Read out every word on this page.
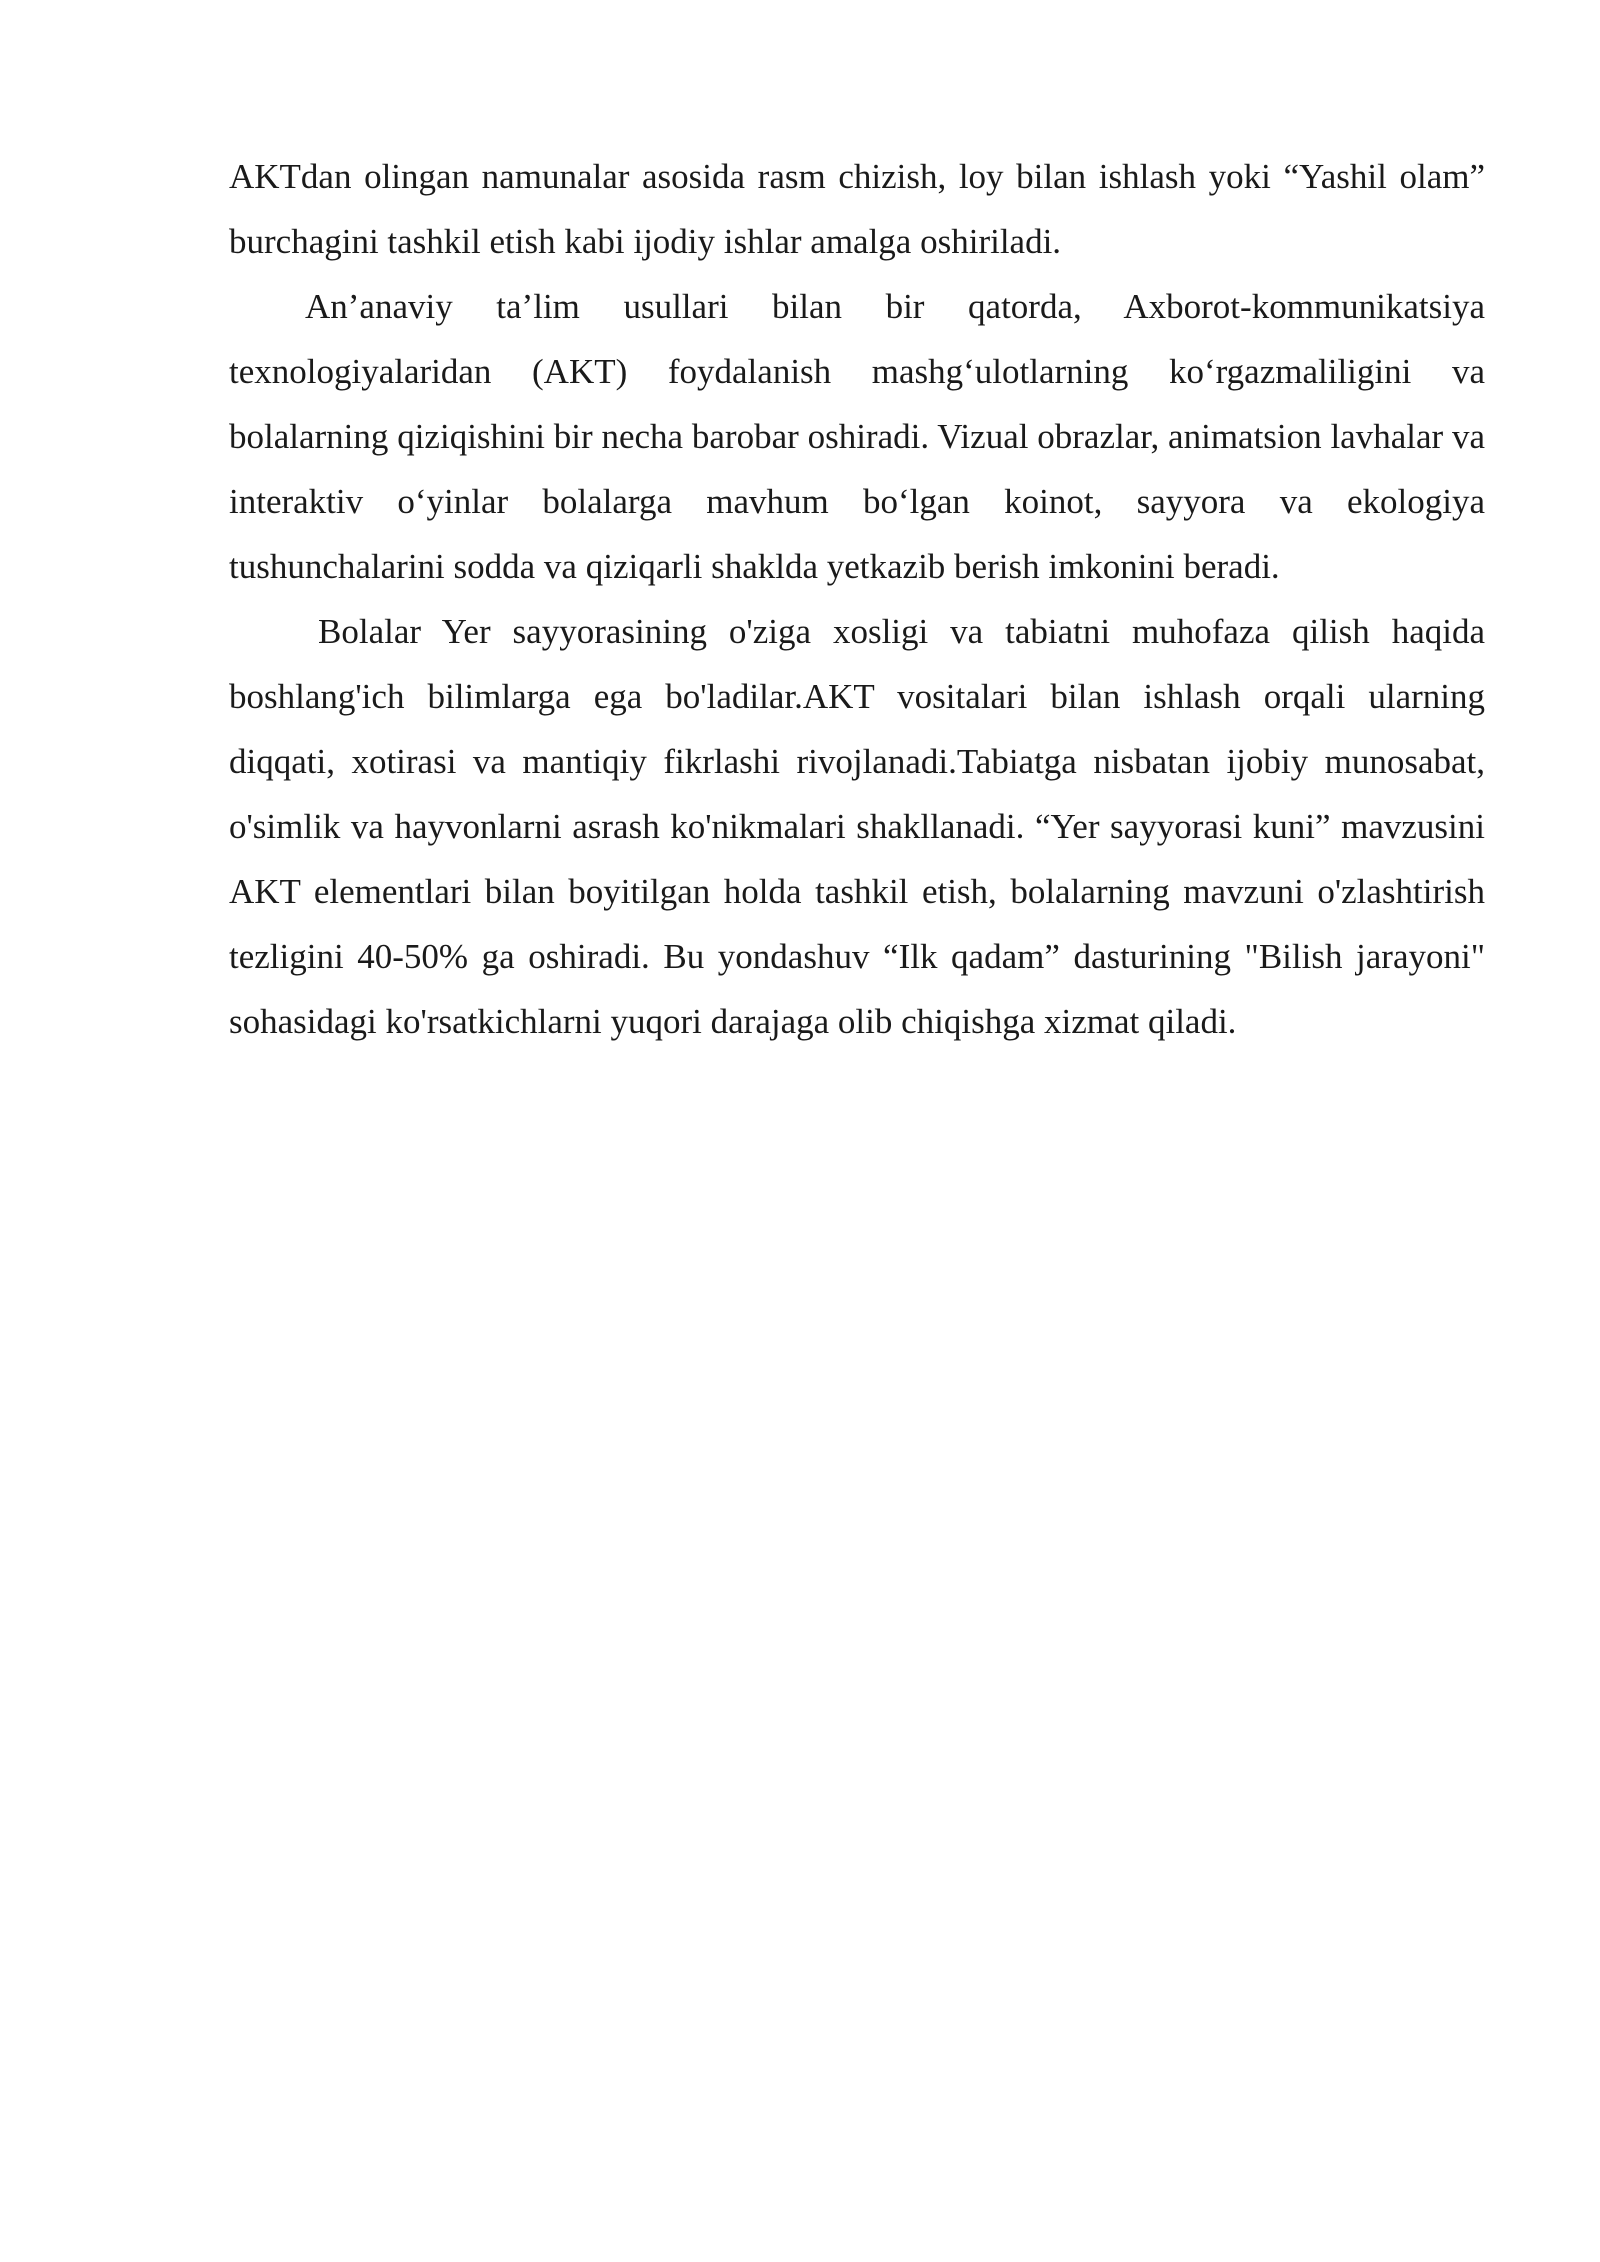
AKTdan olingan namunalar asosida rasm chizish, loy bilan ishlash yoki “Yashil olam” burchagini tashkil etish kabi ijodiy ishlar amalga oshiriladi.

An’anaviy ta’lim usullari bilan bir qatorda, Axborot-kommunikatsiya texnologiyalaridan (AKT) foydalanish mashg‘ulotlarning ko‘rgazmaliligini va bolalarning qiziqishini bir necha barobar oshiradi. Vizual obrazlar, animatsion lavhalar va interaktiv o‘yinlar bolalarga mavhum bo‘lgan koinot, sayyora va ekologiya tushunchalarini sodda va qiziqarli shaklda yetkazib berish imkonini beradi.

Bolalar Yer sayyorasining o'ziga xosligi va tabiatni muhofaza qilish haqida boshlang'ich bilimlarga ega bo'ladilar.AKT vositalari bilan ishlash orqali ularning diqqati, xotirasi va mantiqiy fikrlashi rivojlanadi.Tabiatga nisbatan ijobiy munosabat, o'simlik va hayvonlarni asrash ko'nikmalari shakllanadi. “Yer sayyorasi kuni” mavzusini AKT elementlari bilan boyitilgan holda tashkil etish, bolalarning mavzuni o'zlashtirish tezligini 40-50% ga oshiradi. Bu yondashuv “Ilk qadam” dasturining "Bilish jarayoni" sohasidagi ko'rsatkichlarni yuqori darajaga olib chiqishga xizmat qiladi.
